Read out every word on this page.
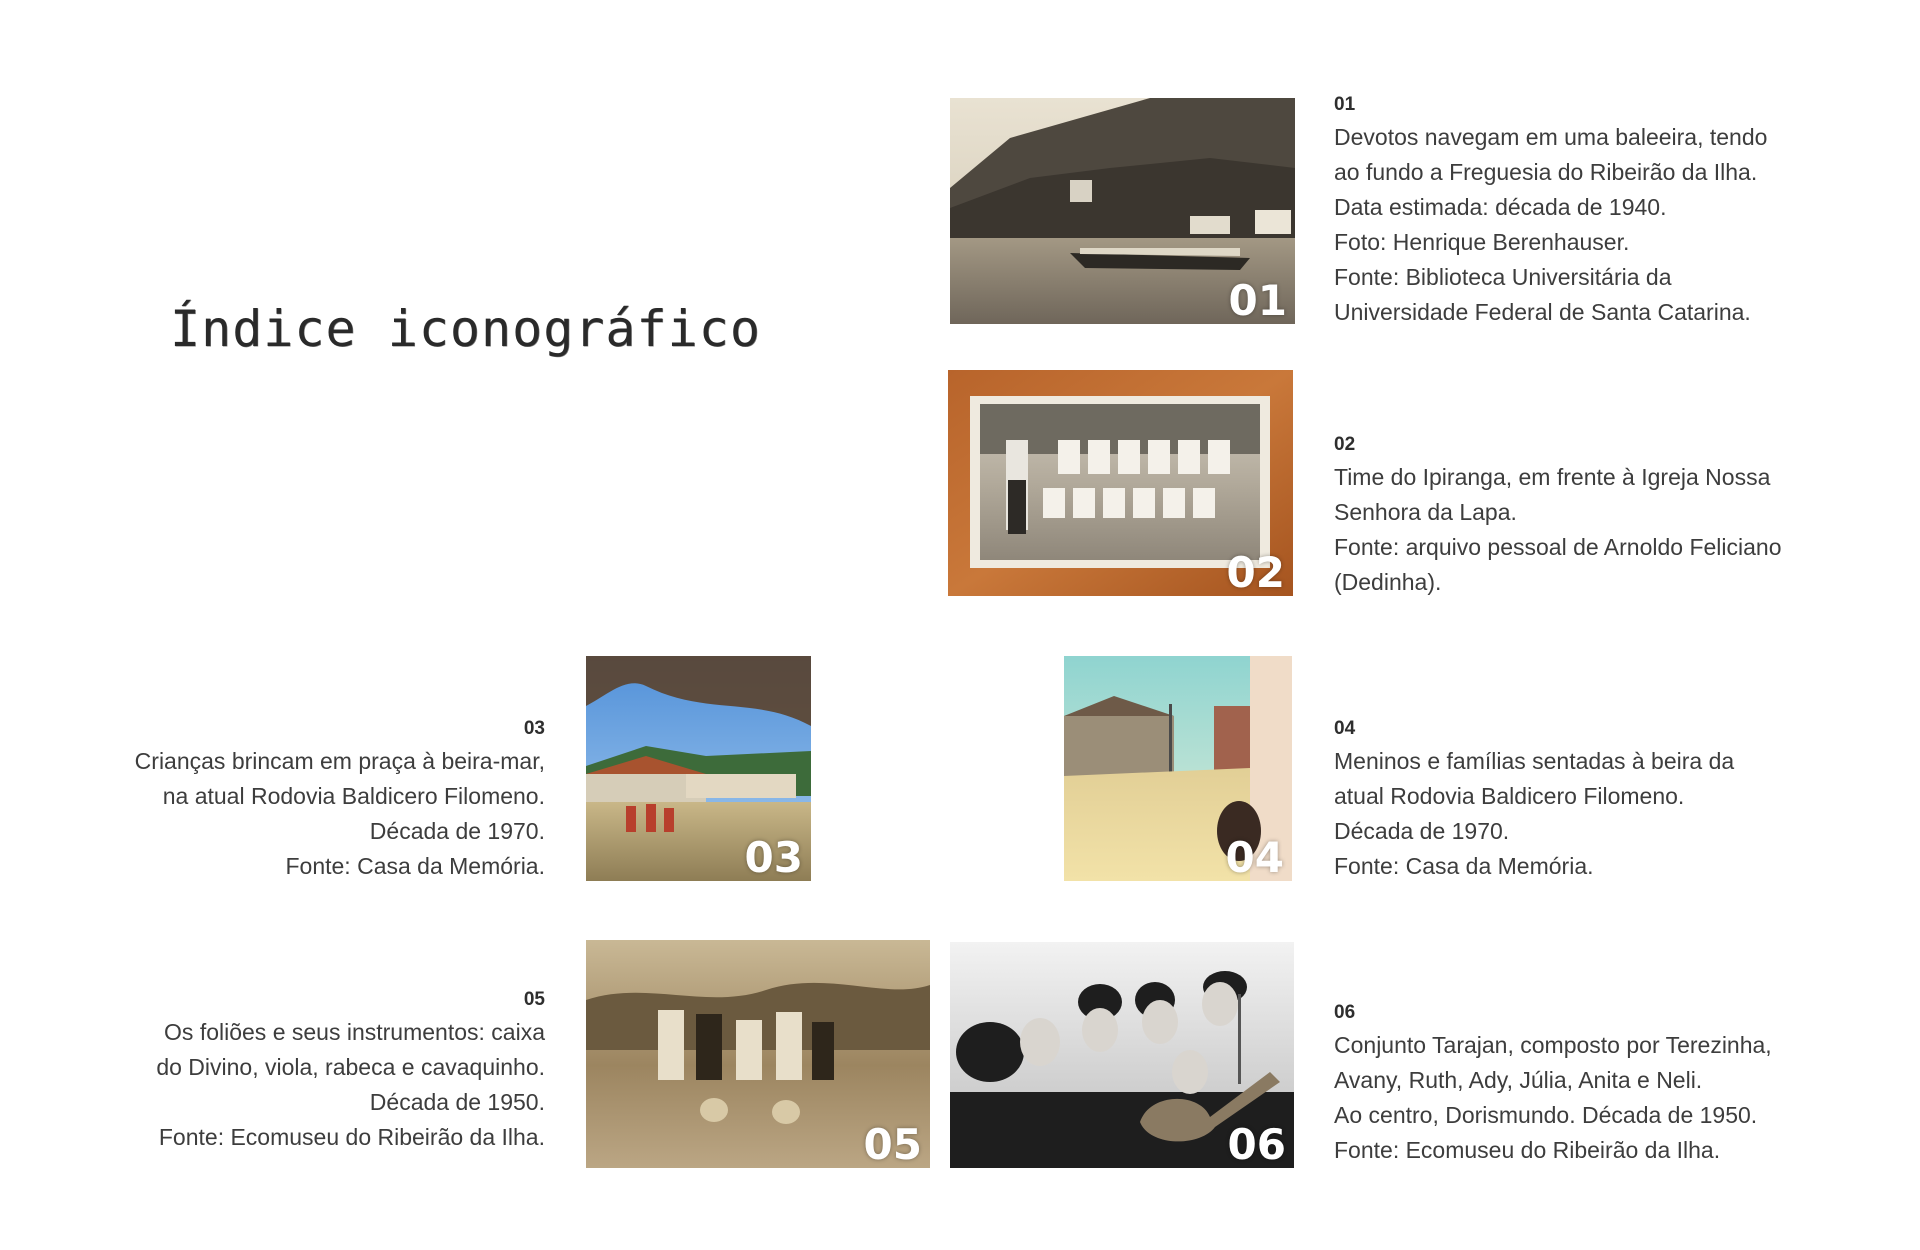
Índice iconográfico	01
02
03	04
05	06
01
Devotos navegam em uma baleeira, tendo
ao fundo a Freguesia do Ribeirão da Ilha.
Data estimada: década de 1940.
Foto: Henrique Berenhauser.
Fonte: Biblioteca Universitária da
Universidade Federal de Santa Catarina.
02
Time do Ipiranga, em frente à Igreja Nossa
Senhora da Lapa.
Fonte: arquivo pessoal de Arnoldo Feliciano
(Dedinha).
03
Crianças brincam em praça à beira-mar,
na atual Rodovia Baldicero Filomeno.
Década de 1970.
Fonte: Casa da Memória.
04
Meninos e famílias sentadas à beira da
atual Rodovia Baldicero Filomeno.
Década de 1970.
Fonte: Casa da Memória.
05
Os foliões e seus instrumentos: caixa
do Divino, viola, rabeca e cavaquinho.
Década de 1950.
Fonte: Ecomuseu do Ribeirão da Ilha.
06
Conjunto Tarajan, composto por Terezinha,
Avany, Ruth, Ady, Júlia, Anita e Neli.
Ao centro, Dorismundo. Década de 1950.
Fonte: Ecomuseu do Ribeirão da Ilha.
